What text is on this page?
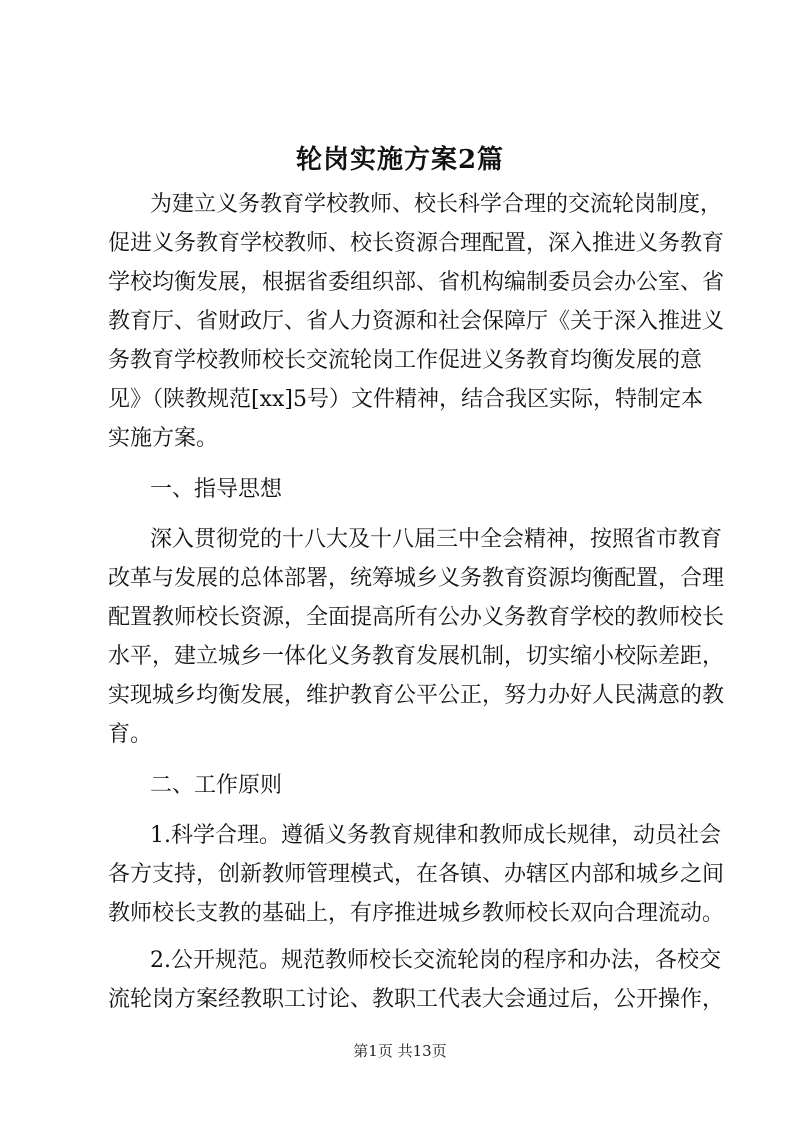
轮岗实施方案2篇
为建立义务教育学校教师、校长科学合理的交流轮岗制度，
促进义务教育学校教师、校长资源合理配置，深入推进义务教育
学校均衡发展，根据省委组织部、省机构编制委员会办公室、省
教育厅、省财政厅、省人力资源和社会保障厅《关于深入推进义
务教育学校教师校长交流轮岗工作促进义务教育均衡发展的意
见》（陕教规范[xx]5号）文件精神，结合我区实际，特制定本
实施方案。
一、指导思想
深入贯彻党的十八大及十八届三中全会精神，按照省市教育
改革与发展的总体部署，统筹城乡义务教育资源均衡配置，合理
配置教师校长资源，全面提高所有公办义务教育学校的教师校长
水平，建立城乡一体化义务教育发展机制，切实缩小校际差距，
实现城乡均衡发展，维护教育公平公正，努力办好人民满意的教
育。
二、工作原则
1.科学合理。遵循义务教育规律和教师成长规律，动员社会
各方支持，创新教师管理模式，在各镇、办辖区内部和城乡之间
教师校长支教的基础上，有序推进城乡教师校长双向合理流动。
2.公开规范。规范教师校长交流轮岗的程序和办法，各校交
流轮岗方案经教职工讨论、教职工代表大会通过后，公开操作，
第1页 共13页
